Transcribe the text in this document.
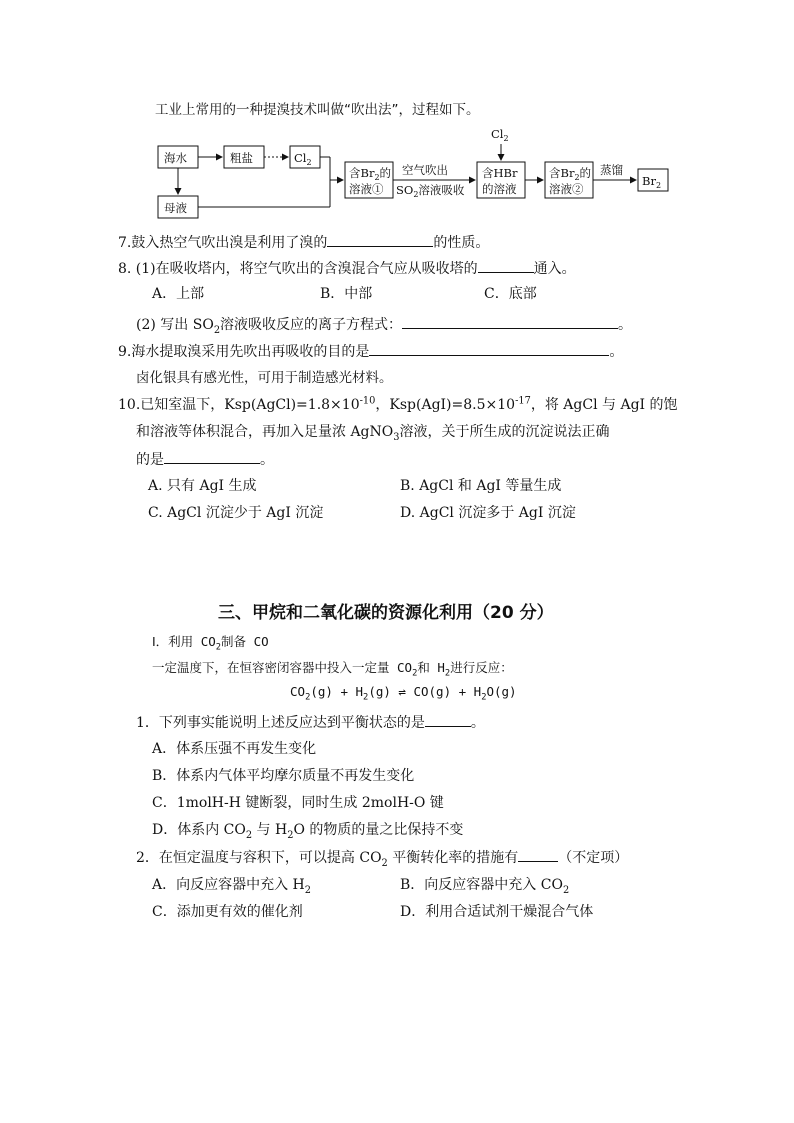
工业上常用的一种提溴技术叫做“吹出法”，过程如下。
海水	粗盐	$Cl_2$
母液
含$Br_2$的
溶液①
空气吹出
$SO_2$溶液吸收
$Cl_2$
含HBr
的溶液
含$Br_2$的
溶液②
蒸馏
$Br_2$
7.鼓入热空气吹出溴是利用了溴的	的性质。
8. (1)在吸收塔内，将空气吹出的含溴混合气应从吸收塔的	通入。
A．上部	B．中部	C．底部
(2) 写出 $SO_2$溶液吸收反应的离子方程式：	。
9.海水提取溴采用先吹出再吸收的目的是	。
卤化银具有感光性，可用于制造感光材料。
10.已知室温下，$Ksp(AgCl)=1.8\times 10^{-10}$，$Ksp(AgI)=8.5\times 10^{-17}$，将 AgCl 与 AgI 的饱
和溶液等体积混合，再加入足量浓 AgNO$_3$溶液，关于所生成的沉淀说法正确
的是	。
A. 只有 AgI 生成	B. AgCl 和 AgI 等量生成
C. AgCl 沉淀少于 AgI 沉淀	D. AgCl 沉淀多于 AgI 沉淀
三、甲烷和二氧化碳的资源化利用（20 分）
Ⅰ．利用 $CO_2$制备 CO
一定温度下，在恒容密闭容器中投入一定量 $CO_2$和 $H_2$进行反应：
$CO_2(g) + H_2(g)$ ⇌ $CO(g) + H_2O(g)$
1．下列事实能说明上述反应达到平衡状态的是	。
A．体系压强不再发生变化
B．体系内气体平均摩尔质量不再发生变化
C．1molH-H 键断裂，同时生成 2molH-O 键
D．体系内 $CO_2$ 与 $H_2O$ 的物质的量之比保持不变
2．在恒定温度与容积下，可以提高 $CO_2$ 平衡转化率的措施有	（不定项）
A．向反应容器中充入 $H_2$	B．向反应容器中充入 $CO_2$
C．添加更有效的催化剂	D．利用合适试剂干燥混合气体
